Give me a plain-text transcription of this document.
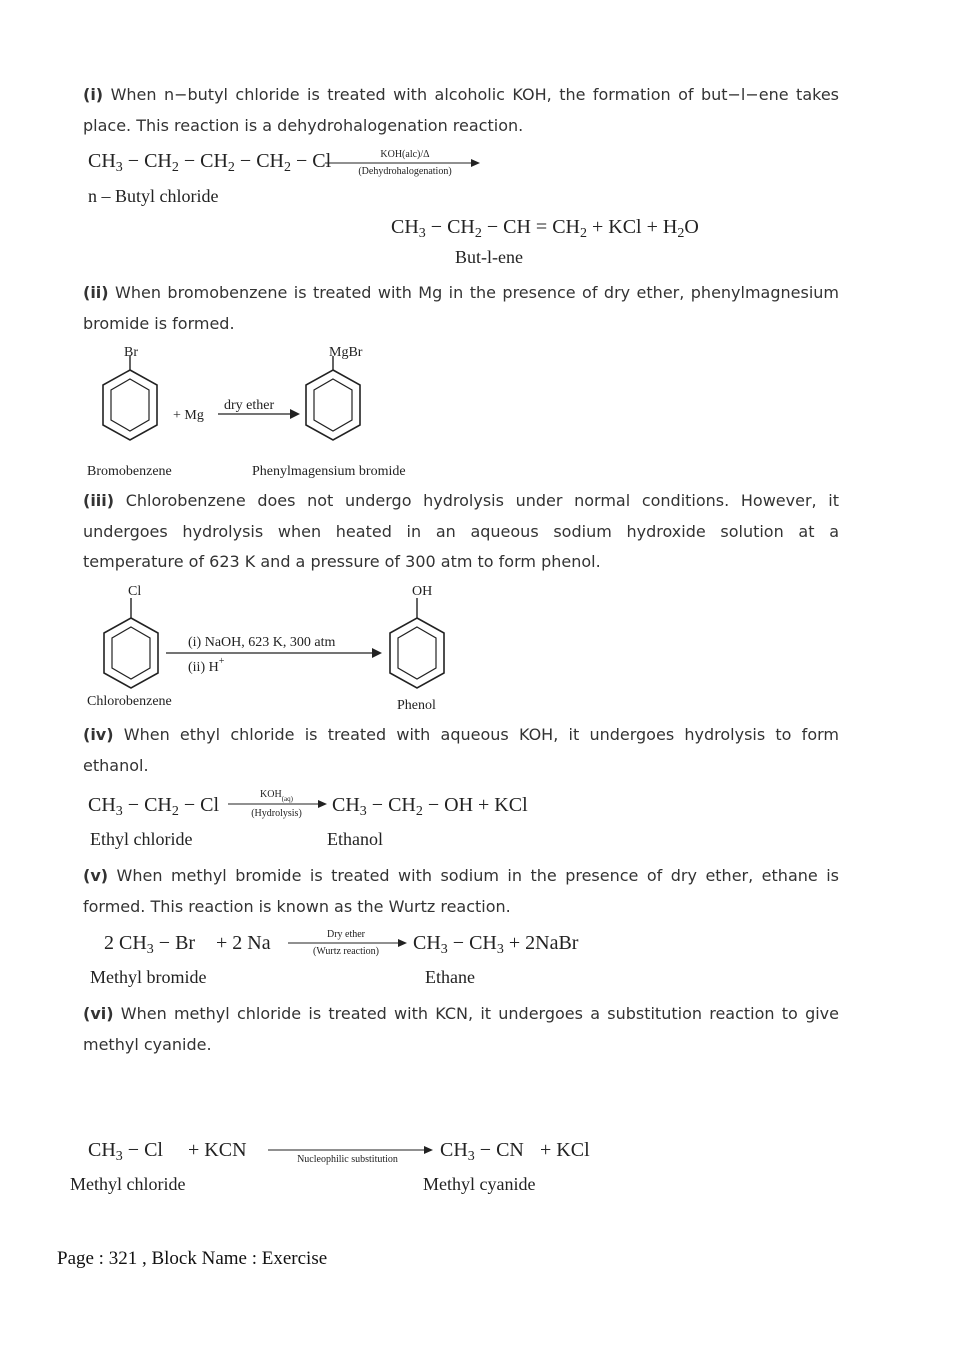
(i) When n−butyl chloride is treated with alcoholic KOH, the formation of but−l−ene takes place. This reaction is a dehydrohalogenation reaction.
$CH_3 - CH_2 - CH_2 - CH_2 - Cl$	KOH(alc)/Δ
(Dehydrohalogenation)
n – Butyl chloride
$CH_3 - CH_2$ − CH = $CH_2$ + KCl + $H_2O$
But-l-ene
(ii) When bromobenzene is treated with Mg in the presence of dry ether, phenylmagnesium bromide is formed.
Br
+ Mg
dry ether
MgBr
Bromobenzene	Phenylmagensium bromide
(iii) Chlorobenzene does not undergo hydrolysis under normal conditions. However, it undergoes hydrolysis when heated in an aqueous sodium hydroxide solution at a temperature of 623 K and a pressure of 300 atm to form phenol.
Cl
(i) NaOH, 623 K, 300 atm
(ii) H+
OH
Chlorobenzene	Phenol
(iv) When ethyl chloride is treated with aqueous KOH, it undergoes hydrolysis to form ethanol.
$CH_3 - CH_2 - Cl$	$KOH_{(aq)}$
(Hydrolysis)	$CH_3 - CH_2$ − OH + KCl
Ethyl chloride	Ethanol
(v) When methyl bromide is treated with sodium in the presence of dry ether, ethane is formed. This reaction is known as the Wurtz reaction.
2 $CH_3 - Br + 2$ Na	Dry ether
(Wurtz reaction)	$CH_3 - CH_3$ + 2NaBr
Methyl bromide	Ethane
(vi) When methyl chloride is treated with KCN, it undergoes a substitution reaction to give methyl cyanide.
$CH_3 - Cl$ + KCN	Nucleophilic substitution	$CH_3$ − CN + KCl
Methyl chloride	Methyl cyanide
Page : 321 , Block Name : Exercise
